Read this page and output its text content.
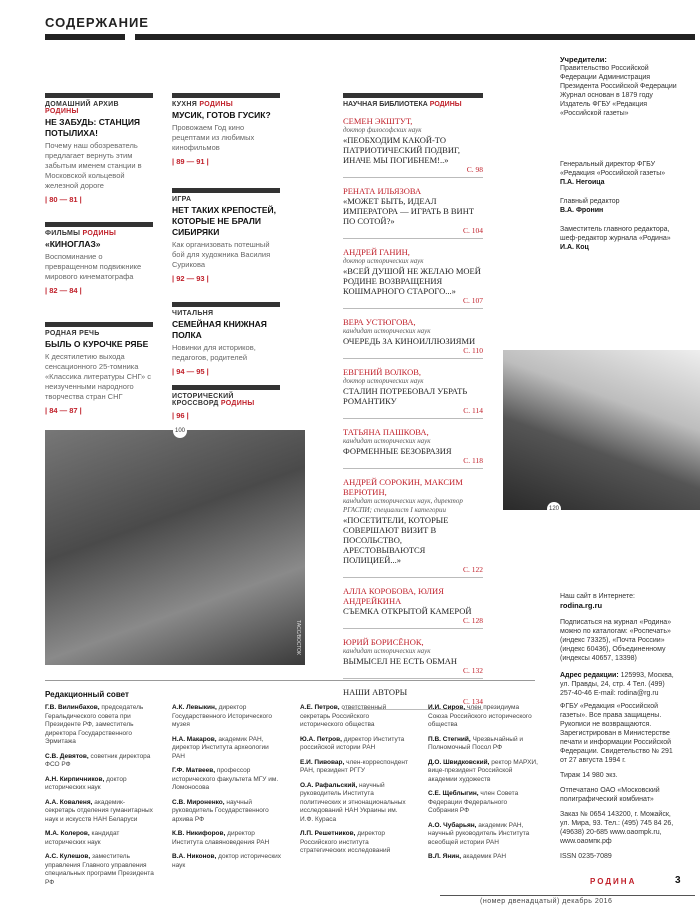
СОДЕРЖАНИЕ
ДОМАШНИЙ АРХИВ РОДИНЫ
НЕ ЗАБУДЬ: СТАНЦИЯ ПОТЫЛИХА!
Почему наш обозреватель предлагает вернуть этим забытым именем станции в Московской кольцевой железной дороге
| 80 — 81 |
ФИЛЬМЫ РОДИНЫ
«КИНОГЛАЗ»
Воспоминание о превращенном подвижнике мирового кинематографа
| 82 — 84 |
РОДНАЯ РЕЧЬ
БЫЛЬ О КУРОЧКЕ РЯБЕ
К десятилетию выхода сенсационного 25-томника «Классика литературы СНГ» с неизученными народного творчества стран СНГ
| 84 — 87 |
КУХНЯ РОДИНЫ
МУСИК, ГОТОВ ГУСИК?
Провожаем Год кино рецептами из любимых кинофильмов
| 89 — 91 |
ИГРА
НЕТ ТАКИХ КРЕПОСТЕЙ, КОТОРЫЕ НЕ БРАЛИ СИБИРЯКИ
Как организовать потешный бой для художника Василия Сурикова
| 92 — 93 |
ЧИТАЛЬНЯ
СЕМЕЙНАЯ КНИЖНАЯ ПОЛКА
Новинки для историков, педагогов, родителей
| 94 — 95 |
ИСТОРИЧЕСКИЙ КРОССВОРД РОДИНЫ
| 96 |
НАУЧНАЯ БИБЛИОТЕКА РОДИНЫ
СЕМЕН ЭКШТУТ,
доктор философских наук
«ПЕОБХОДИМ КАКОЙ-ТО ПАТРИОТИЧЕСКИЙ ПОДВИГ, ИНАЧЕ МЫ ПОГИБНЕМ!..»
С. 98
РЕНАТА ИЛЬЯЗОВА
«МОЖЕТ БЫТЬ, ИДЕАЛ ИМПЕРАТОРА — ИГРАТЬ В ВИНТ ПО СОТОЙ?»
С. 104
АНДРЕЙ ГАНИН,
доктор исторических наук
«ВСЕЙ ДУШОЙ НЕ ЖЕЛАЮ МОЕЙ РОДИНЕ ВОЗВРАЩЕНИЯ КОШМАРНОГО СТАРОГО...»
С. 107
ВЕРА УСТЮГОВА,
кандидат исторических наук
ОЧЕРЕДЬ ЗА КИНОИЛЛЮЗИЯМИ
С. 110
ЕВГЕНИЙ ВОЛКОВ,
доктор исторических наук
СТАЛИН ПОТРЕБОВАЛ УБРАТЬ РОМАНТИКУ
С. 114
ТАТЬЯНА ПАШКОВА,
кандидат исторических наук
ФОРМЕННЫЕ БЕЗОБРАЗИЯ
С. 118
АНДРЕЙ СОРОКИН, МАКСИМ ВЕРЮТИН,
кандидат исторических наук, директор РГАСПИ; специалист I категории
«ПОСЕТИТЕЛИ, КОТОРЫЕ СОВЕРШАЮТ ВИЗИТ В ПОСОЛЬСТВО, АРЕСТОВЫВАЮТСЯ ПОЛИЦИЕЙ...»
С. 122
АЛЛА КОРОБОВА, ЮЛИЯ АНДРЕЙКИНА
СЪЕМКА ОТКРЫТОЙ КАМЕРОЙ
С. 128
ЮРИЙ БОРИСЁНОК,
кандидат исторических наук
ВЫМЫСЕЛ НЕ ЕСТЬ ОБМАН
С. 132
НАШИ АВТОРЫ
С. 134
Учредители:
Правительство Российской Федерации Администрация Президента Российской Федерации Журнал основан в 1879 году Издатель ФГБУ «Редакция «Российской газеты»
Генеральный директор ФГБУ «Редакция «Российской газеты»
П.А. Негоица
Главный редактор
В.А. Фронин
Заместитель главного редактора, шеф-редактор журнала «Родина»
И.А. Коц
Наш сайт в Интернете:
rodina.rg.ru
Подписаться на журнал «Родина» можно по каталогам: «Роспечать» (индекс 73325), «Почта России» (индекс 60436), Объединенному (индексы 40657, 13398)
Адрес редакции: 125993, Москва, ул. Правды, 24, стр. 4 Тел. (499) 257-40-46 E-mail: rodina@rg.ru
ФГБУ «Редакция «Российской газеты». Все права защищены. Рукописи не возвращаются. Зарегистрирован в Министерстве печати и информации Российской Федерации. Свидетельство № 291 от 27 августа 1994 г.
Тираж 14 980 экз.
Отпечатано ОАО «Московский полиграфический комбинат»
Заказ № 0654 143200, г. Можайск, ул. Мира, 93. Тел.: (495) 745 84 26, (49638) 20-685 www.oaompk.ru, www.оаомпк.рф
ISSN 0235-7089
100
ТАСС/ВОСТОК
120
Редакционный совет
Г.В. Вилинбахов, председатель Геральдического совета при Президенте РФ, заместитель директора Государственного Эрмитажа
С.В. Девятов, советник директора ФСО РФ
А.Н. Кирпичников, доктор исторических наук
А.А. Коваленя, академик-секретарь отделения гуманитарных наук и искусств НАН Беларуси
М.А. Колеров, кандидат исторических наук
А.С. Кулешов, заместитель управления Главного управления специальных программ Президента РФ
А.К. Левыкин, директор Государственного Исторического музея
Н.А. Макаров, академик РАН, директор Института археологии РАН
Г.Ф. Матвеев, профессор исторического факультета МГУ им. Ломоносова
С.В. Мироненко, научный руководитель Государственного архива РФ
К.В. Никифоров, директор Института славяноведения РАН
В.А. Никонов, доктор исторических наук
А.Е. Петров, ответственный секретарь Российского исторического общества
Ю.А. Петров, директор Института российской истории РАН
Е.И. Пивовар, член-корреспондент РАН, президент РГГУ
О.А. Рафальский, научный руководитель Института политических и этнонациональных исследований НАН Украины им. И.Ф. Кураса
Л.П. Решетников, директор Российского института стратегических исследований
И.И. Сиров, член президиума Союза Российского исторического общества
П.В. Стегний, Чрезвычайный и Полномочный Посол РФ
Д.О. Швидковский, ректор МАРХИ, вице-президент Российской академии художеств
С.Е. Щеблыгин, член Совета Федерации Федерального Собрания РФ
А.О. Чубарьян, академик РАН, научный руководитель Института всеобщей истории РАН
В.Л. Янин, академик РАН
РОДИНА	3
(номер двенадцатый) декабрь 2016
